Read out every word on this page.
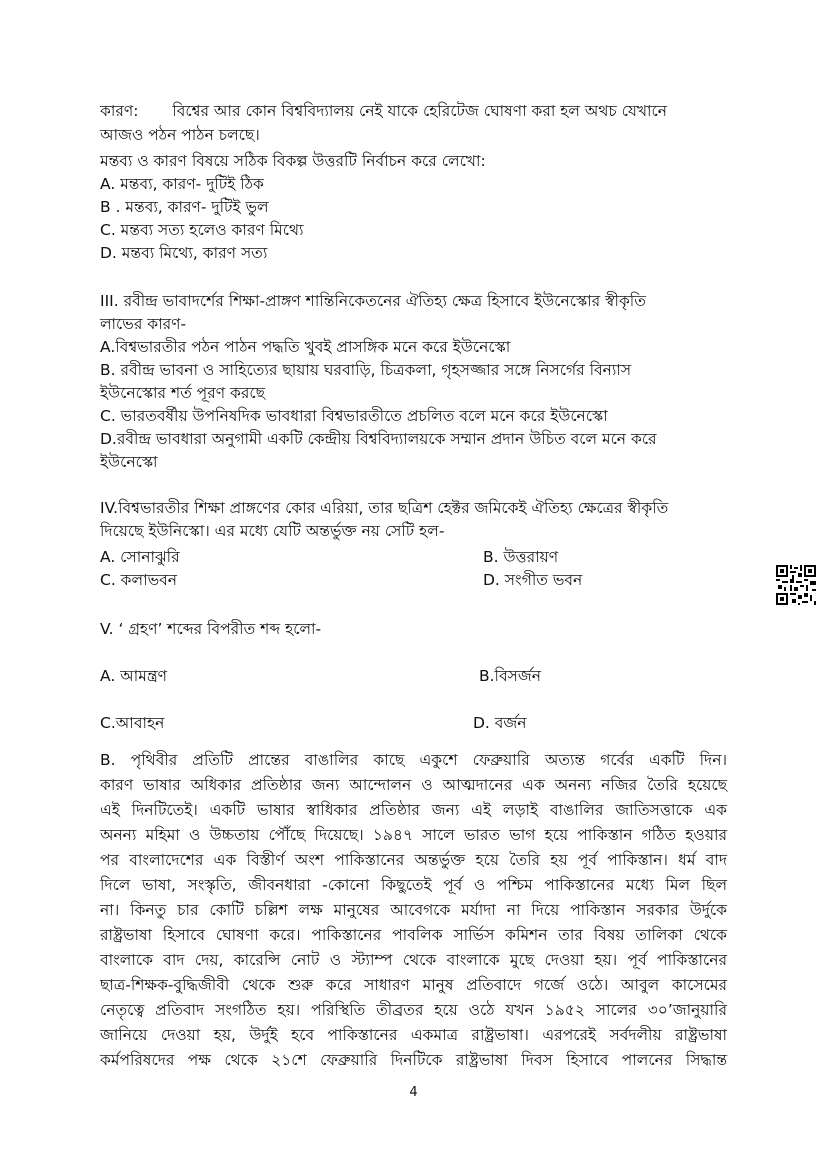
কারণ: বিশ্বের আর কোন বিশ্ববিদ্যালয় নেই যাকে হেরিটেজ ঘোষণা করা হল অথচ যেখানে
আজও পঠন পাঠন চলছে।
মন্তব্য ও কারণ বিষয়ে সঠিক বিকল্প উত্তরটি নির্বাচন করে লেখো:
A. মন্তব্য, কারণ- দুটিই ঠিক
B . মন্তব্য, কারণ- দুটিই ভুল
C. মন্তব্য সত্য হলেও কারণ মিথ্যে
D. মন্তব্য মিথ্যে, কারণ সত্য
III. রবীন্দ্র ভাবাদর্শের শিক্ষা-প্রাঙ্গণ শান্তিনিকেতনের ঐতিহ্য ক্ষেত্র হিসাবে ইউনেস্কোর স্বীকৃতি
লাভের কারণ-
A.বিশ্বভারতীর পঠন পাঠন পদ্ধতি খুবই প্রাসঙ্গিক মনে করে ইউনেস্কো
B. রবীন্দ্র ভাবনা ও সাহিত্যের ছায়ায় ঘরবাড়ি, চিত্রকলা, গৃহসজ্জার সঙ্গে নিসর্গের বিন্যাস
ইউনেস্কোর শর্ত পূরণ করছে
C. ভারতবর্ষীয় উপনিষদিক ভাবধারা বিশ্বভারতীতে প্রচলিত বলে মনে করে ইউনেস্কো
D.রবীন্দ্র ভাবধারা অনুগামী একটি কেন্দ্রীয় বিশ্ববিদ্যালয়কে সম্মান প্রদান উচিত বলে মনে করে
ইউনেস্কো
IV.বিশ্বভারতীর শিক্ষা প্রাঙ্গণের কোর এরিয়া, তার ছত্রিশ হেক্টর জমিকেই ঐতিহ্য ক্ষেত্রের স্বীকৃতি
দিয়েছে ইউনিস্কো। এর মধ্যে যেটি অন্তর্ভুক্ত নয় সেটি হল-
A. সোনাঝুরি	B. উত্তরায়ণ
C. কলাভবন	D. সংগীত ভবন
V. ‘ গ্রহণ’ শব্দের বিপরীত শব্দ হলো-
A. আমন্ত্রণ	B.বিসর্জন
C.আবাহন	D. বর্জন
B. পৃথিবীর প্রতিটি প্রান্তের বাঙালির কাছে একুশে ফেব্রুয়ারি অত্যন্ত গর্বের একটি দিন।
কারণ ভাষার অধিকার প্রতিষ্ঠার জন্য আন্দোলন ও আত্মদানের এক অনন্য নজির তৈরি হয়েছে
এই দিনটিতেই। একটি ভাষার স্বাধিকার প্রতিষ্ঠার জন্য এই লড়াই বাঙালির জাতিসত্তাকে এক
অনন্য মহিমা ও উচ্চতায় পৌঁছে দিয়েছে। ১৯৪৭ সালে ভারত ভাগ হয়ে পাকিস্তান গঠিত হওয়ার
পর বাংলাদেশের এক বিস্তীর্ণ অংশ পাকিস্তানের অন্তর্ভুক্ত হয়ে তৈরি হয় পূর্ব পাকিস্তান। ধর্ম বাদ
দিলে ভাষা, সংস্কৃতি, জীবনধারা -কোনো কিছুতেই পূর্ব ও পশ্চিম পাকিস্তানের মধ্যে মিল ছিল
না। কিনতু চার কোটি চল্লিশ লক্ষ মানুষের আবেগকে মর্যাদা না দিয়ে পাকিস্তান সরকার উর্দুকে
রাষ্ট্রভাষা হিসাবে ঘোষণা করে। পাকিস্তানের পাবলিক সার্ভিস কমিশন তার বিষয় তালিকা থেকে
বাংলাকে বাদ দেয়, কারেন্সি নোট ও স্ট্যাম্প থেকে বাংলাকে মুছে দেওয়া হয়। পূর্ব পাকিস্তানের
ছাত্র-শিক্ষক-বুদ্ধিজীবী থেকে শুরু করে সাধারণ মানুষ প্রতিবাদে গর্জে ওঠে। আবুল কাসেমের
নেতৃত্বে প্রতিবাদ সংগঠিত হয়। পরিস্থিতি তীব্রতর হয়ে ওঠে যখন ১৯৫২ সালের ৩০’জানুয়ারি
জানিয়ে দেওয়া হয়, উর্দুই হবে পাকিস্তানের একমাত্র রাষ্ট্রভাষা। এরপরেই সর্বদলীয় রাষ্ট্রভাষা
কর্মপরিষদের পক্ষ থেকে ২১শে ফেব্রুয়ারি দিনটিকে রাষ্ট্রভাষা দিবস হিসাবে পালনের সিদ্ধান্ত
4
